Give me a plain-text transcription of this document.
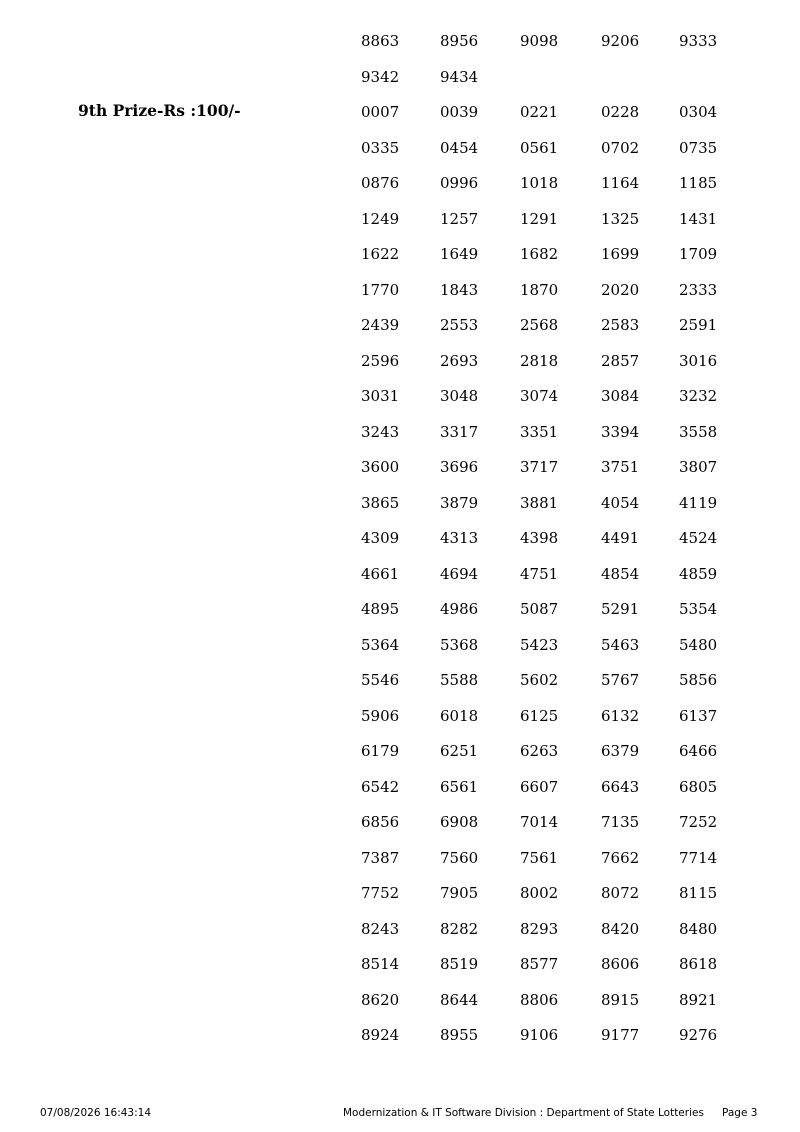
9th Prize-Rs :100/-
8863	8956	9098	9206	9333
9342	9434
0007	0039	0221	0228	0304
0335	0454	0561	0702	0735
0876	0996	1018	1164	1185
1249	1257	1291	1325	1431
1622	1649	1682	1699	1709
1770	1843	1870	2020	2333
2439	2553	2568	2583	2591
2596	2693	2818	2857	3016
3031	3048	3074	3084	3232
3243	3317	3351	3394	3558
3600	3696	3717	3751	3807
3865	3879	3881	4054	4119
4309	4313	4398	4491	4524
4661	4694	4751	4854	4859
4895	4986	5087	5291	5354
5364	5368	5423	5463	5480
5546	5588	5602	5767	5856
5906	6018	6125	6132	6137
6179	6251	6263	6379	6466
6542	6561	6607	6643	6805
6856	6908	7014	7135	7252
7387	7560	7561	7662	7714
7752	7905	8002	8072	8115
8243	8282	8293	8420	8480
8514	8519	8577	8606	8618
8620	8644	8806	8915	8921
8924	8955	9106	9177	9276
07/08/2026 16:43:14	Modernization & IT Software Division : Department of State Lotteries Page 3
